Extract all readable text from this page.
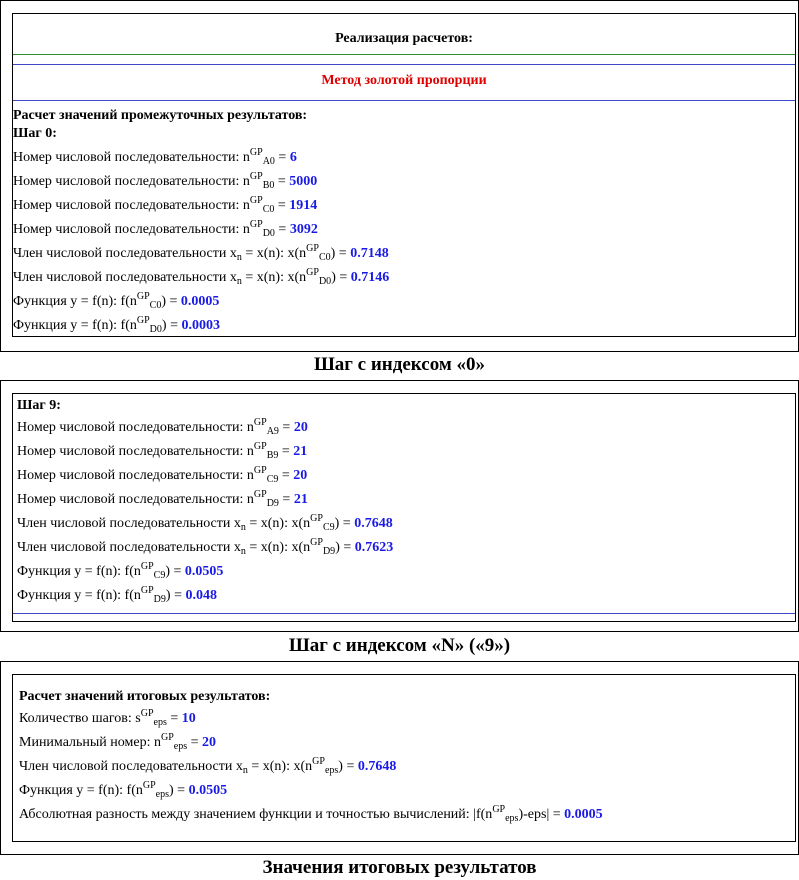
Реализация расчетов:
Метод золотой пропорции
Расчет значений промежуточных результатов:
Шаг 0:
Номер числовой последовательности: $n^{GP}_{A0} = 6$
Номер числовой последовательности: $n^{GP}_{B0} = 5000$
Номер числовой последовательности: $n^{GP}_{C0} = 1914$
Номер числовой последовательности: $n^{GP}_{D0} = 3092$
Член числовой последовательности $x_n = x(n)$: $x(n^{GP}_{C0}) = 0.7148$
Член числовой последовательности $x_n = x(n)$: $x(n^{GP}_{D0}) = 0.7146$
Функция y = f(n): $f(n^{GP}_{C0}) = 0.0005$
Функция y = f(n): $f(n^{GP}_{D0}) = 0.0003$
Шаг с индексом «0»
Шаг 9:
Номер числовой последовательности: $n^{GP}_{A9} = 20$
Номер числовой последовательности: $n^{GP}_{B9} = 21$
Номер числовой последовательности: $n^{GP}_{C9} = 20$
Номер числовой последовательности: $n^{GP}_{D9} = 21$
Член числовой последовательности $x_n = x(n)$: $x(n^{GP}_{C9}) = 0.7648$
Член числовой последовательности $x_n = x(n)$: $x(n^{GP}_{D9}) = 0.7623$
Функция y = f(n): $f(n^{GP}_{C9}) = 0.0505$
Функция y = f(n): $f(n^{GP}_{D9}) = 0.048$
Шаг с индексом «N» («9»)
Расчет значений итоговых результатов:
Количество шагов: $s^{GP}_{eps} = 10$
Минимальный номер: $n^{GP}_{eps} = 20$
Член числовой последовательности $x_n = x(n)$: $x(n^{GP}_{eps}) = 0.7648$
Функция y = f(n): $f(n^{GP}_{eps}) = 0.0505$
Абсолютная разность между значением функции и точностью вычислений: $|f(n^{GP}_{eps})-eps| = 0.0005$
Значения итоговых результатов
